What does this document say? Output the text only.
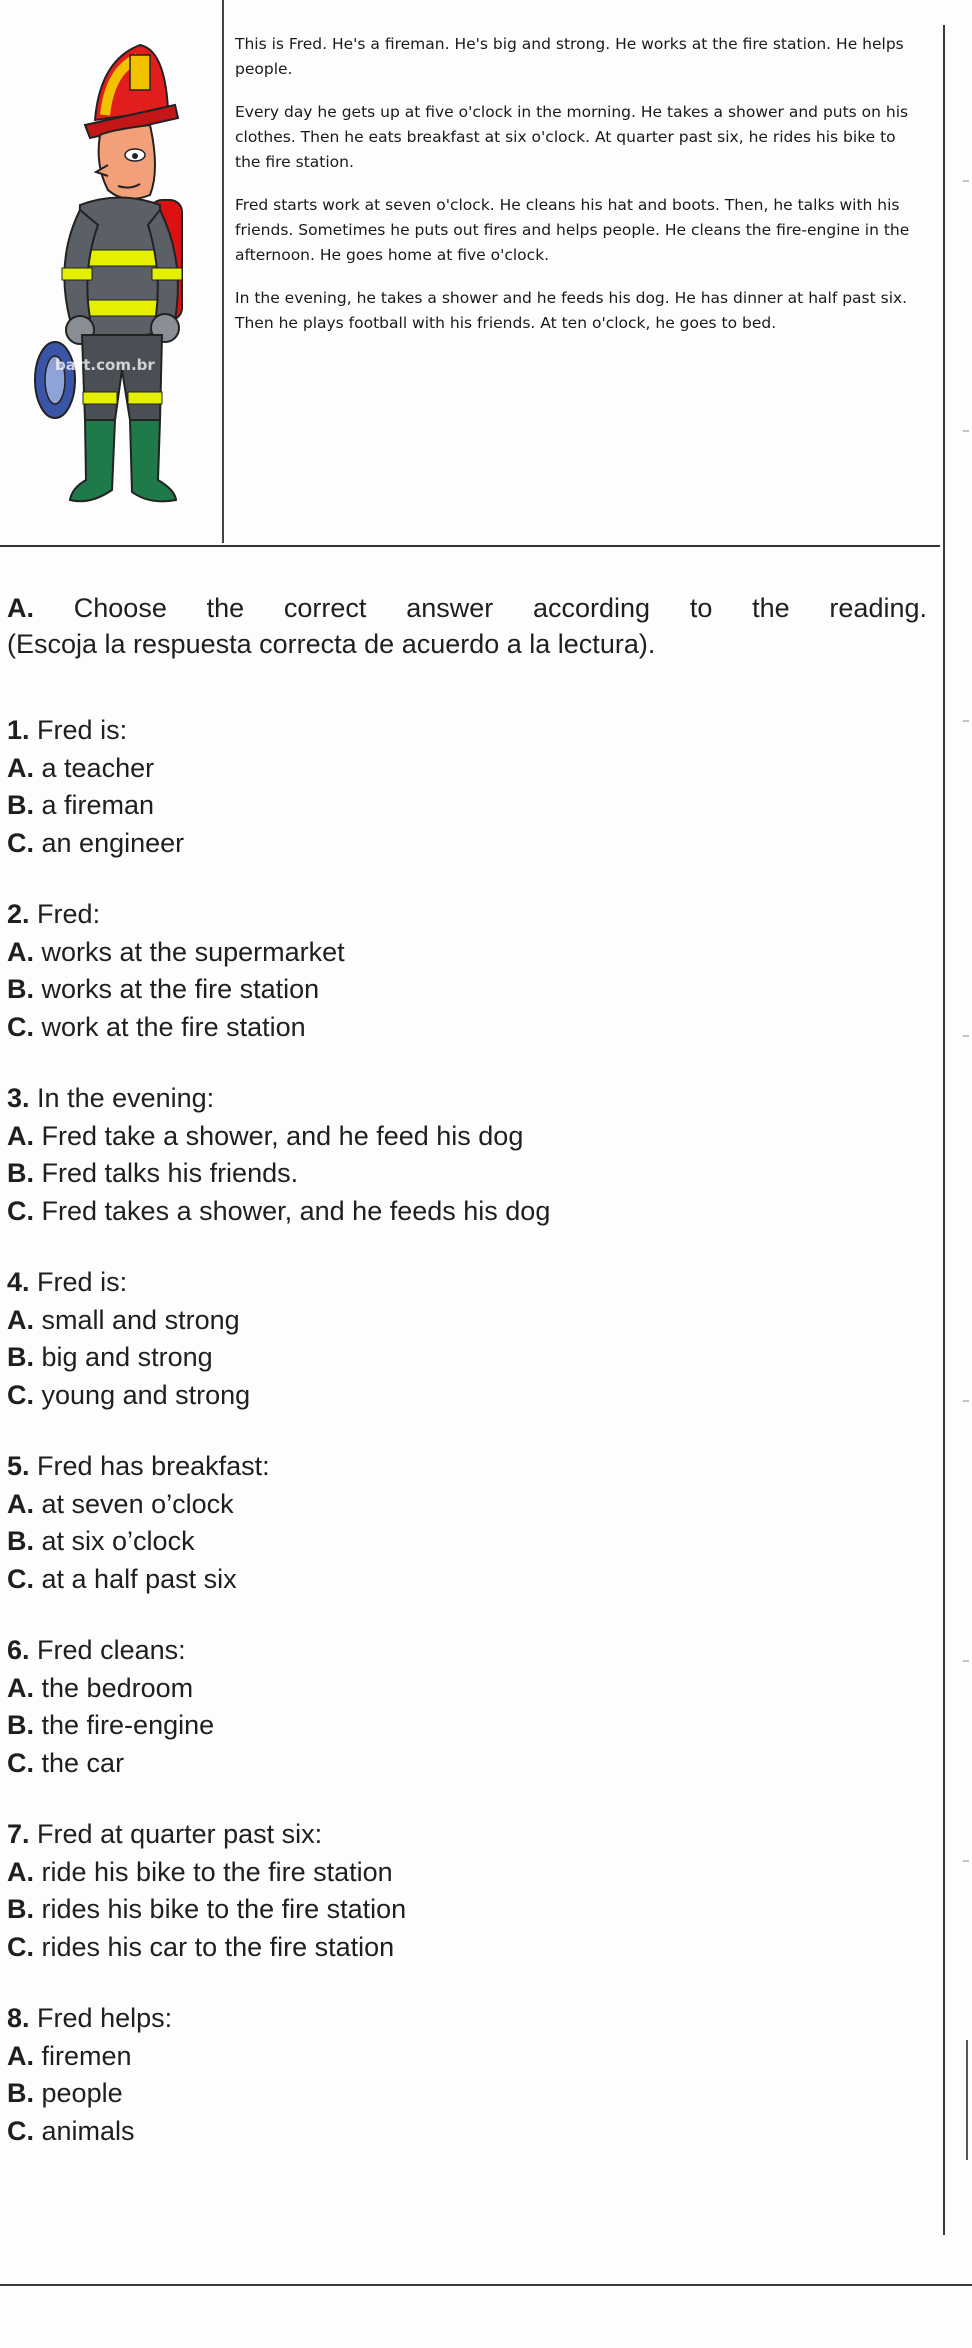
bart.com.br

This is Fred. He's a fireman. He's big and strong. He works at the fire station. He helps people.

Every day he gets up at five o'clock in the morning. He takes a shower and puts on his clothes. Then he eats breakfast at six o'clock. At quarter past six, he rides his bike to the fire station.

Fred starts work at seven o'clock. He cleans his hat and boots. Then, he talks with his friends. Sometimes he puts out fires and helps people. He cleans the fire-engine in the afternoon. He goes home at five o'clock.

In the evening, he takes a shower and he feeds his dog. He has dinner at half past six. Then he plays football with his friends. At ten o'clock, he goes to bed.

A. Choose the correct answer according to the reading.
(Escoja la respuesta correcta de acuerdo a la lectura).
1. Fred is:
A. a teacher
B. a fireman
C. an engineer
2. Fred:
A. works at the supermarket
B. works at the fire station
C. work at the fire station
3. In the evening:
A. Fred take a shower, and he feed his dog
B. Fred talks his friends.
C. Fred takes a shower, and he feeds his dog
4. Fred is:
A. small and strong
B. big and strong
C. young and strong
5. Fred has breakfast:
A. at seven o’clock
B. at six o’clock
C. at a half past six
6. Fred cleans:
A. the bedroom
B. the fire-engine
C. the car
7. Fred at quarter past six:
A. ride his bike to the fire station
B. rides his bike to the fire station
C. rides his car to the fire station
8. Fred helps:
A. firemen
B. people
C. animals
